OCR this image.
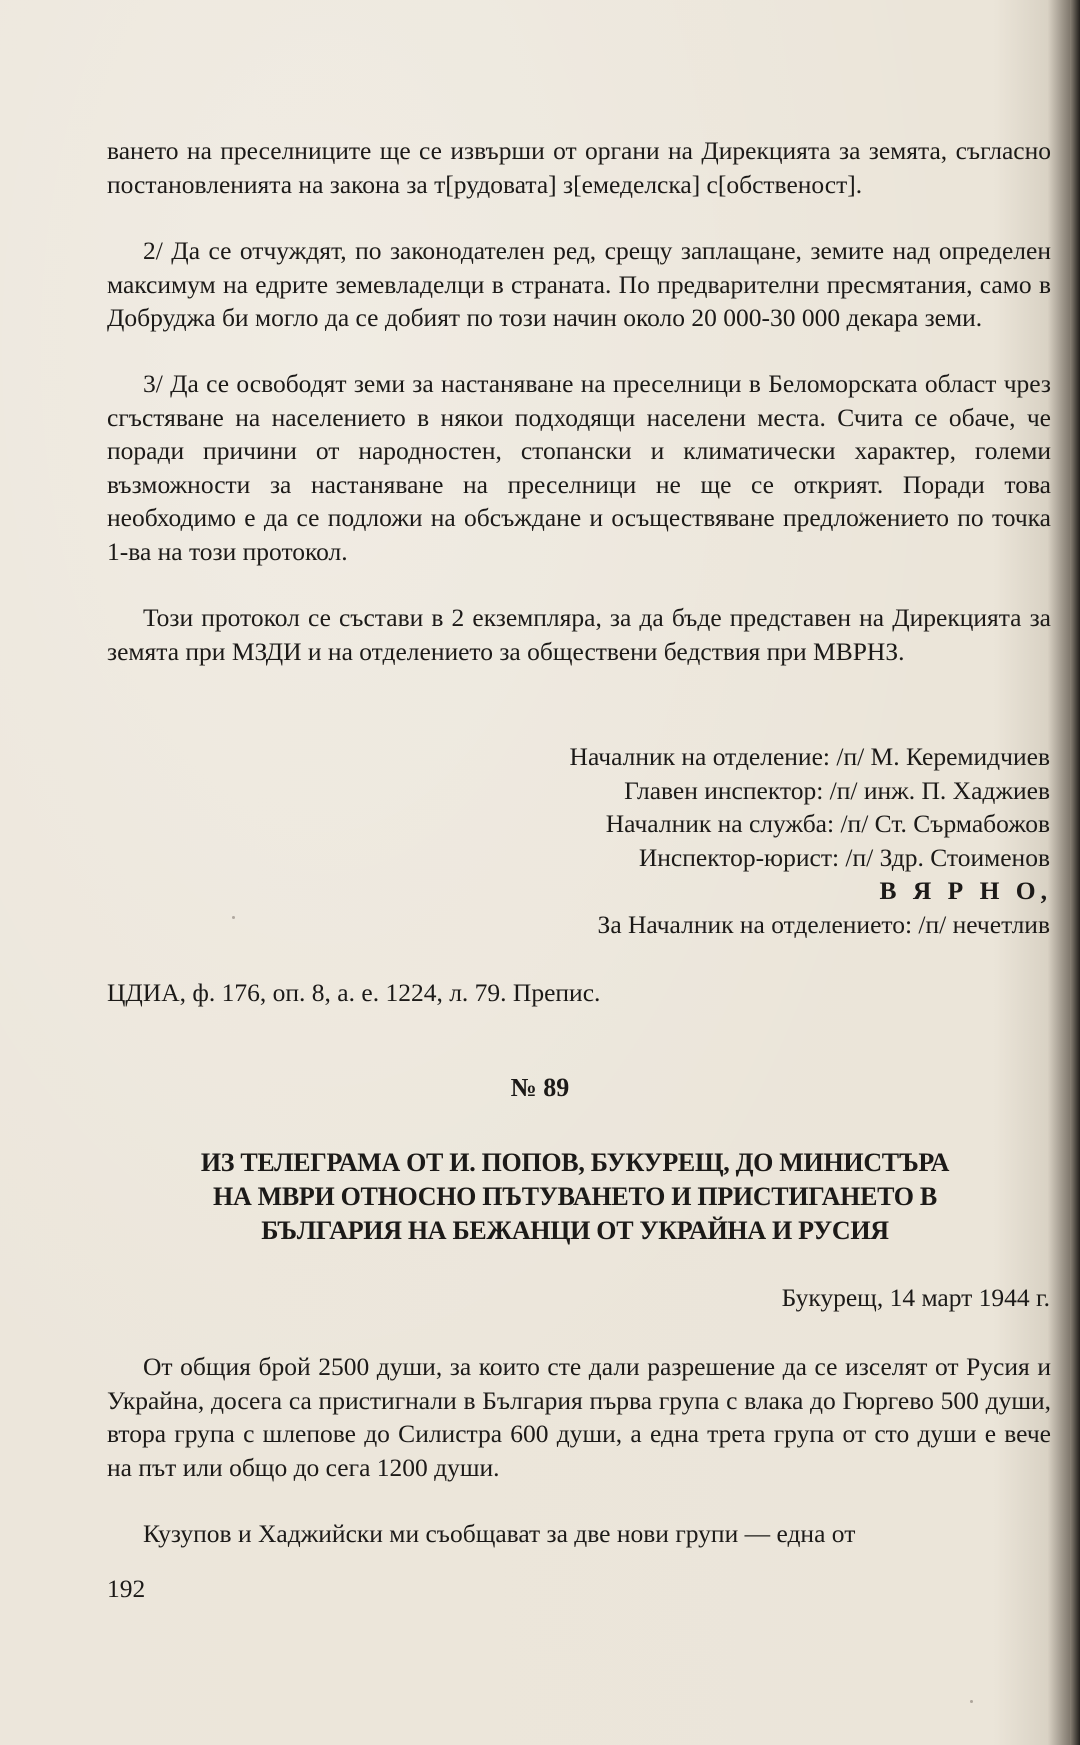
ването на преселниците ще се извърши от органи на Дирекцията за земята, съгласно постановленията на закона за т[рудовата] з[емеделска] с[обственост].

2/ Да се отчуждят, по законодателен ред, срещу заплащане, земите над определен максимум на едрите земевладелци в страната. По предварителни пресмятания, само в Добруджа би могло да се добият по този начин около 20 000-30 000 декара земи.

3/ Да се освободят земи за настаняване на преселници в Беломорската област чрез сгъстяване на населението в някои подходящи населени места. Счита се обаче, че поради причини от народностен, стопански и климатически характер, големи възможности за настаняване на преселници не ще се открият. Поради това необходимо е да се подложи на обсъждане и осъществяване предложението по точка 1-ва на този протокол.

Този протокол се състави в 2 екземпляра, за да бъде представен на Дирекцията за земята при МЗДИ и на отделението за обществени бедствия при МВРНЗ.

Началник на отделение: /п/ М. Керемидчиев
Главен инспектор: /п/ инж. П. Хаджиев
Началник на служба: /п/ Ст. Сърмабожов
Инспектор-юрист: /п/ Здр. Стоименов
В Я Р Н О,
За Началник на отделението: /п/ нечетлив
ЦДИА, ф. 176, оп. 8, а. е. 1224, л. 79. Препис.
№ 89
ИЗ ТЕЛЕГРАМА ОТ И. ПОПОВ, БУКУРЕЩ, ДО МИНИСТЪРА
НА МВРИ ОТНОСНО ПЪТУВАНЕТО И ПРИСТИГАНЕТО В
БЪЛГАРИЯ НА БЕЖАНЦИ ОТ УКРАЙНА И РУСИЯ
Букурещ, 14 март 1944 г.

От общия брой 2500 души, за които сте дали разрешение да се изселят от Русия и Украйна, досега са пристигнали в България първа група с влака до Гюргево 500 души, втора група с шлепове до Силистра 600 души, а една трета група от сто души е вече на път или общо до сега 1200 души.

Кузупов и Хаджийски ми съобщават за две нови групи — една от

192
